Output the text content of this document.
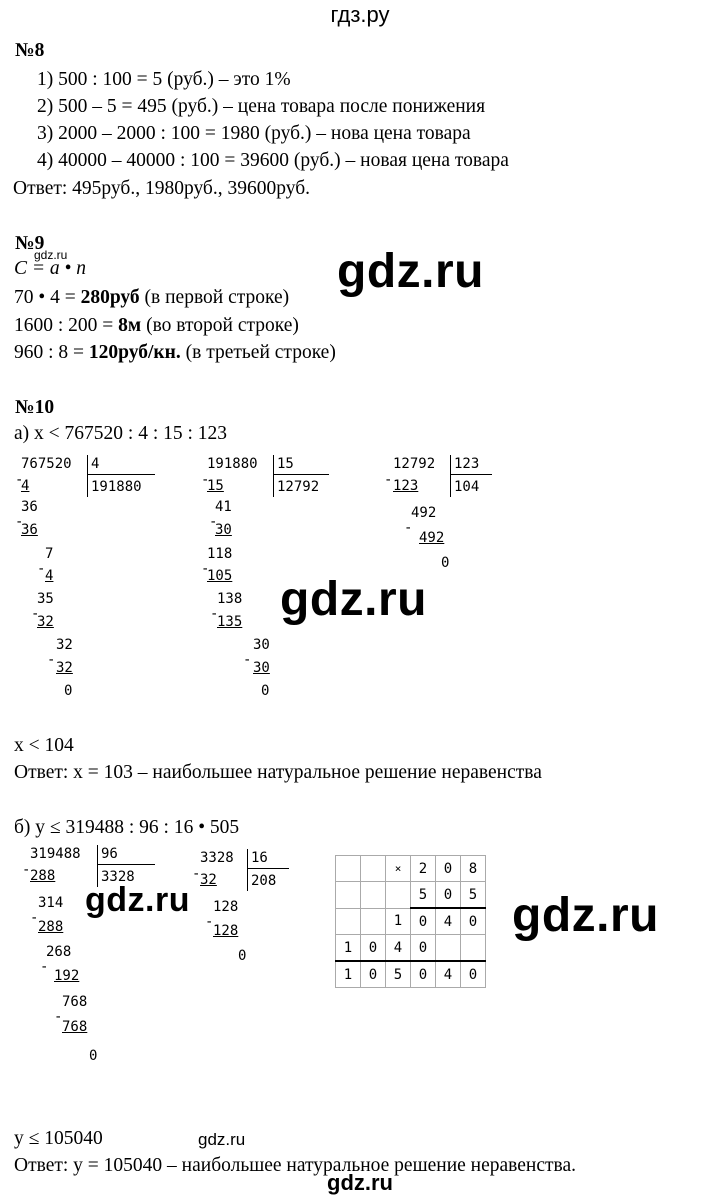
гдз.ру
№8
1) 500 : 100 = 5 (руб.) – это 1%
2) 500 – 5 = 495 (руб.) – цена товара после понижения
3) 2000 – 2000 : 100 = 1980 (руб.) – нова цена товара
4) 40000 – 40000 : 100 = 39600 (руб.) – новая цена товара
Ответ: 495руб., 1980руб., 39600руб.
№9
C = a • n
gdz.ru	gdz.ru
70 • 4 = 280руб (в первой строке)
1600 : 200 = 8м (во второй строке)
960 : 8 = 120руб/кн. (в третьей строке)
№10
а) x < 767520 : 4 : 15 : 123
767520 4
191880
-
4
36
-
36
7
- 4
35
-
32
32
- 32
0
191880 15
12792
-
15
41
-
30
118
-
105
138
-
135
30
- 30
0
12792 123
104
- 123
492
-
492
0
gdz.ru
x < 104
Ответ: x = 103 – наибольшее натуральное решение неравенства
б) y ≤ 319488 : 96 : 16 • 505
319488 96
3328
- 288
314
-
288
268
-
192
768
-
768
0
gdz.ru
3328 16
208
- 32
128
-
128
0
		×	2	0	8
			5	0	5
		1	0	4	0
1	0	4	0		
1	0	5	0	4	0
gdz.ru
y ≤ 105040	gdz.ru
Ответ: y = 105040 – наибольшее натуральное решение неравенства.
gdz.ru
